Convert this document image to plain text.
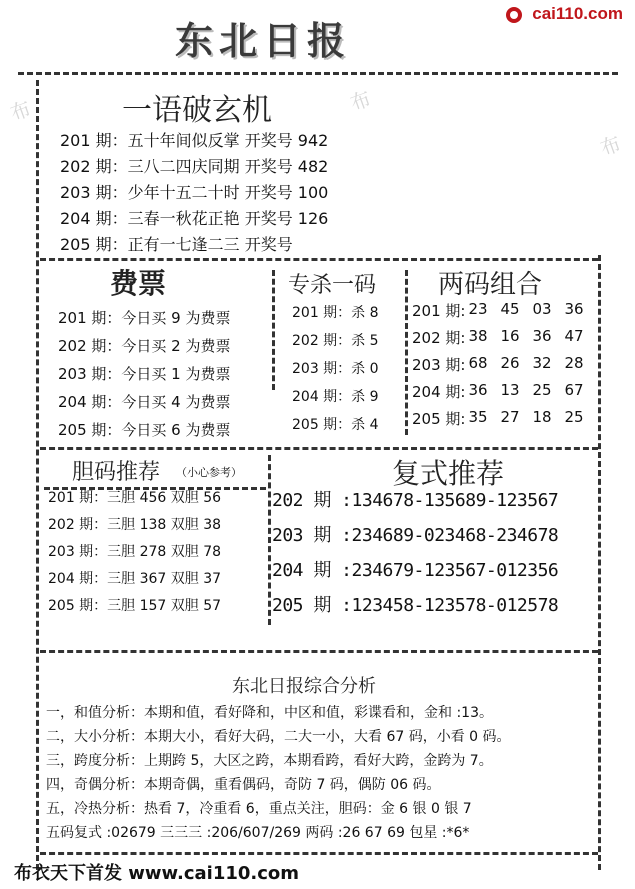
东北日报
cai110.com
布	布
布
一语破玄机
201 期：五十年间似反掌 开奖号 942
202 期：三八二四庆同期 开奖号 482
203 期：少年十五二十时 开奖号 100
204 期：三春一秋花正艳 开奖号 126
205 期：正有一七逢二三 开奖号
费票
201 期：今日买 9 为费票
202 期：今日买 2 为费票
203 期：今日买 1 为费票
204 期：今日买 4 为费票
205 期：今日买 6 为费票
专杀一码
201 期：杀 8
202 期：杀 5
203 期：杀 0
204 期：杀 9
205 期：杀 4
两码组合
201 期: 23 45 03 36
202 期: 38 16 36 47
203 期: 68 26 32 28
204 期: 36 13 25 67
205 期: 35 27 18 25
胆码推荐 （小心参考）
201 期：三胆 456 双胆 56
202 期：三胆 138 双胆 38
203 期：三胆 278 双胆 78
204 期：三胆 367 双胆 37
205 期：三胆 157 双胆 57
复式推荐
202 期 :134678-135689-123567
203 期 :234689-023468-234678
204 期 :234679-123567-012356
205 期 :123458-123578-012578
东北日报综合分析
一，和值分析：本期和值，看好降和，中区和值，彩谍看和，金和 :13。
二，大小分析：本期大小，看好大码，二大一小，大看 67 码，小看 0 码。
三，跨度分析：上期跨 5，大区之跨，本期看跨，看好大跨，金跨为 7。
四，奇偶分析：本期奇偶，重看偶码，奇防 7 码，偶防 06 码。
五，冷热分析：热看 7，冷重看 6，重点关注，胆码：金 6 银 0 银 7
五码复式 :02679 三三三 :206/607/269 两码 :26 67 69 包星 :*6*
布衣天下首发 www.cai110.com
